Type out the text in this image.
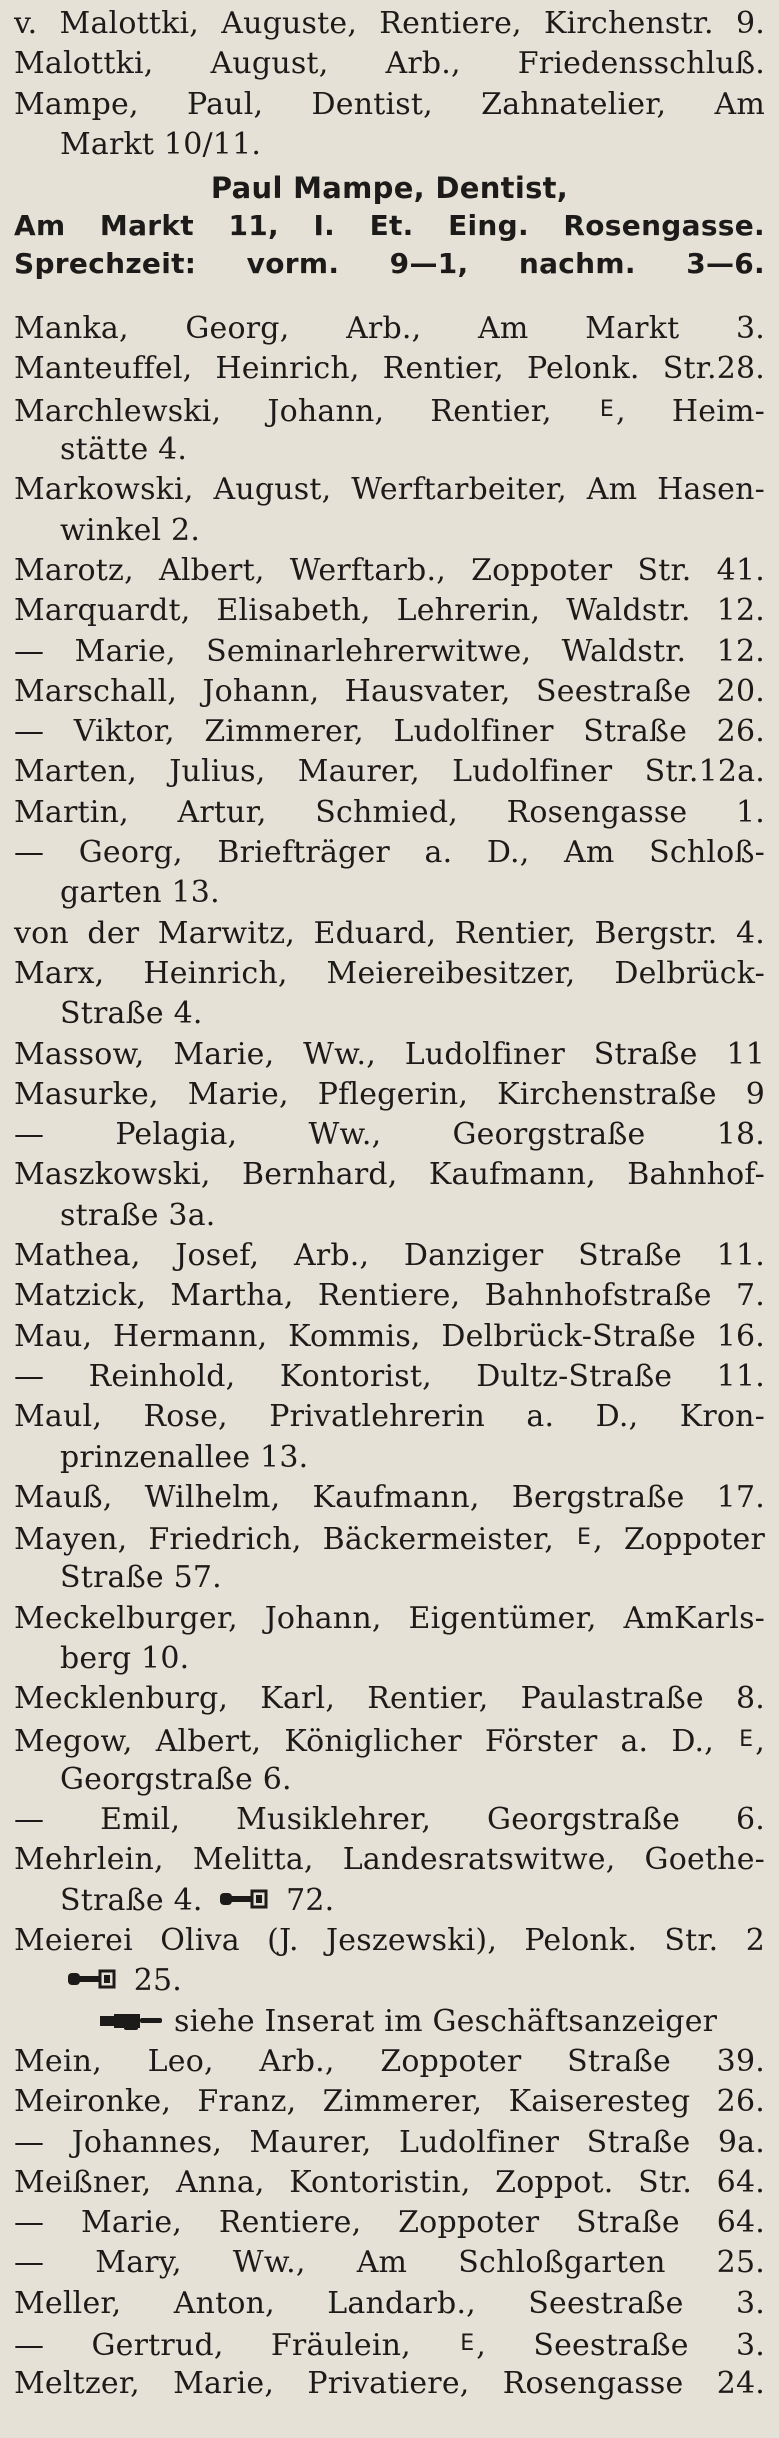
v. Malottki, Auguste, Rentiere, Kirchenstr. 9.
Malottki, August, Arb., Friedensschluß.
Mampe, Paul, Dentist, Zahnatelier, Am
Markt 10/11.
Paul Mampe, Dentist,
Am Markt 11, I. Et. Eing. Rosengasse.
Sprechzeit: vorm. 9—1, nachm. 3—6.
Manka, Georg, Arb., Am Markt 3.
Manteuffel, Heinrich, Rentier, Pelonk. Str.28.
Marchlewski, Johann, Rentier, E, Heim-
stätte 4.
Markowski, August, Werftarbeiter, Am Hasen-
winkel 2.
Marotz, Albert, Werftarb., Zoppoter Str. 41.
Marquardt, Elisabeth, Lehrerin, Waldstr. 12.
— Marie, Seminarlehrerwitwe, Waldstr. 12.
Marschall, Johann, Hausvater, Seestraße 20.
— Viktor, Zimmerer, Ludolfiner Straße 26.
Marten, Julius, Maurer, Ludolfiner Str.12a.
Martin, Artur, Schmied, Rosengasse 1.
— Georg, Briefträger a. D., Am Schloß-
garten 13.
von der Marwitz, Eduard, Rentier, Bergstr. 4.
Marx, Heinrich, Meiereibesitzer, Delbrück-
Straße 4.
Massow, Marie, Ww., Ludolfiner Straße 11
Masurke, Marie, Pflegerin, Kirchenstraße 9
— Pelagia, Ww., Georgstraße 18.
Maszkowski, Bernhard, Kaufmann, Bahnhof-
straße 3a.
Mathea, Josef, Arb., Danziger Straße 11.
Matzick, Martha, Rentiere, Bahnhofstraße 7.
Mau, Hermann, Kommis, Delbrück-Straße 16.
— Reinhold, Kontorist, Dultz-Straße 11.
Maul, Rose, Privatlehrerin a. D., Kron-
prinzenallee 13.
Mauß, Wilhelm, Kaufmann, Bergstraße 17.
Mayen, Friedrich, Bäckermeister, E, Zoppoter
Straße 57.
Meckelburger, Johann, Eigentümer, AmKarls-
berg 10.
Mecklenburg, Karl, Rentier, Paulastraße 8.
Megow, Albert, Königlicher Förster a. D., E,
Georgstraße 6.
— Emil, Musiklehrer, Georgstraße 6.
Mehrlein, Melitta, Landesratswitwe, Goethe-
Straße 4.  72.
Meierei Oliva (J. Jeszewski), Pelonk. Str. 2
25.
siehe Inserat im Geschäftsanzeiger
Mein, Leo, Arb., Zoppoter Straße 39.
Meironke, Franz, Zimmerer, Kaiseresteg 26.
— Johannes, Maurer, Ludolfiner Straße 9a.
Meißner, Anna, Kontoristin, Zoppot. Str. 64.
— Marie, Rentiere, Zoppoter Straße 64.
— Mary, Ww., Am Schloßgarten 25.
Meller, Anton, Landarb., Seestraße 3.
— Gertrud, Fräulein, E, Seestraße 3.
Meltzer, Marie, Privatiere, Rosengasse 24.
